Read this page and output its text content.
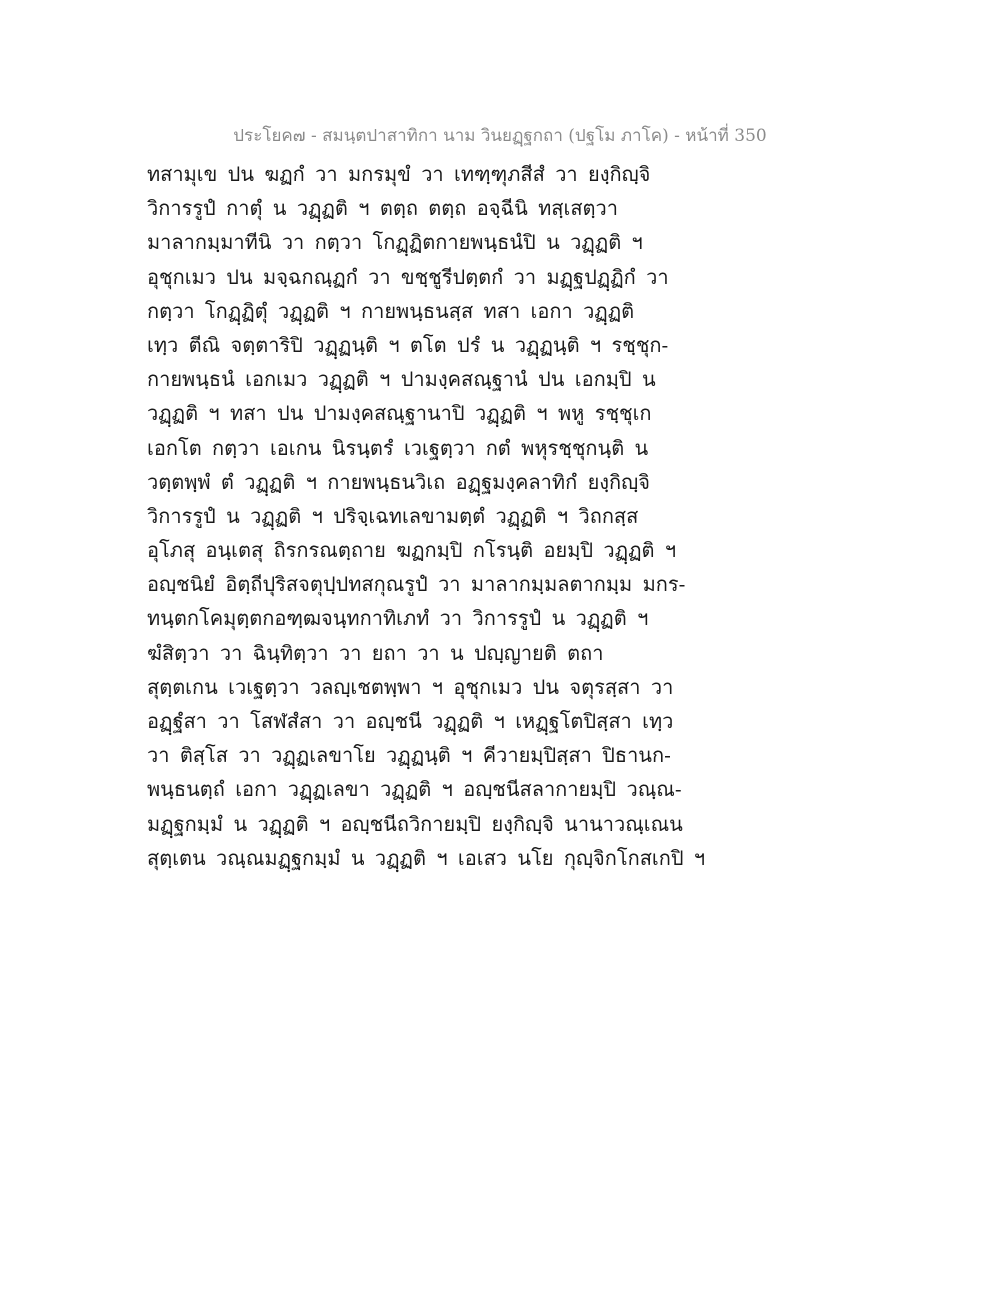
ประโยค๗ - สมนฺตปาสาทิกา นาม วินยฏฺฐกถา (ปฐโม ภาโค) - หน้าที่ 350
ทสามุเข ปน ฆฏกํ วา มกรมุขํ วา เทฑฺฑุภสีสํ วา ยงฺกิญฺจิ
วิการรูปํ กาตุํ น วฏฺฏติ ฯ ตตฺถ ตตฺถ อจฺฉีนิ ทสฺเสตฺวา
มาลากมฺมาทีนิ วา กตฺวา โกฏฺฏิตกายพนฺธนํปิ น วฏฺฏติ ฯ
อุชุกเมว ปน มจฺฉกณฺฏกํ วา ขชฺชูรีปตฺตกํ วา มฏฺฐปฏฺฏิกํ วา
กตฺวา โกฏฺฏิตุํ วฏฺฏติ ฯ กายพนฺธนสฺส ทสา เอกา วฏฺฏติ
เทฺว ตีณิ จตฺตาริปิ วฏฺฏนฺติ ฯ ตโต ปรํ น วฏฺฏนฺติ ฯ รชฺชุก-
กายพนฺธนํ เอกเมว วฏฺฏติ ฯ ปามงฺคสณฺฐานํ ปน เอกมฺปิ น
วฏฺฏติ ฯ ทสา ปน ปามงฺคสณฺฐานาปิ วฏฺฏติ ฯ พหู รชฺชุเก
เอกโต กตฺวา เอเกน นิรนฺตรํ เวเฐตฺวา กตํ พหุรชฺชุกนฺติ น
วตฺตพฺพํ ตํ วฏฺฏติ ฯ กายพนฺธนวิเถ อฏฺฐมงฺคลาทิกํ ยงฺกิญฺจิ
วิการรูปํ น วฏฺฏติ ฯ ปริจฺเฉทเลขามตฺตํ วฏฺฏติ ฯ วิถกสฺส
อุโภสุ อนฺเตสุ ถิรกรณตฺถาย ฆฏกมฺปิ กโรนฺติ อยมฺปิ วฏฺฏติ ฯ
อญฺชนิยํ อิตฺถีปุริสจตุปฺปทสกุณรูปํ วา มาลากมฺมลตากมฺม มกร-
ทนฺตกโคมุตฺตกอฑฺฒจนฺทกาทิเภทํ วา วิการรูปํ น วฏฺฏติ ฯ
ฆํสิตฺวา วา ฉินฺทิตฺวา วา ยถา วา น ปญฺญายติ ตถา
สุตฺตเกน เวเฐตฺวา วลญฺเชตพฺพา ฯ อุชุกเมว ปน จตุรสฺสา วา
อฏฺฐํสา วา โสฬสํสา วา อญฺชนี วฏฺฏติ ฯ เหฏฺฐโตปิสฺสา เทฺว
วา ติสฺโส วา วฏฺฏเลขาโย วฏฺฏนฺติ ฯ คีวายมฺปิสฺสา ปิธานก-
พนฺธนตฺถํ เอกา วฏฺฏเลขา วฏฺฏติ ฯ อญฺชนีสลากายมฺปิ วณฺณ-
มฏฺฐกมฺมํ น วฏฺฏติ ฯ อญฺชนีถวิกายมฺปิ ยงฺกิญฺจิ นานาวณฺเณน
สุตฺเตน วณฺณมฏฺฐกมฺมํ น วฏฺฏติ ฯ เอเสว นโย กุญฺจิกโกสเกปิ ฯ
